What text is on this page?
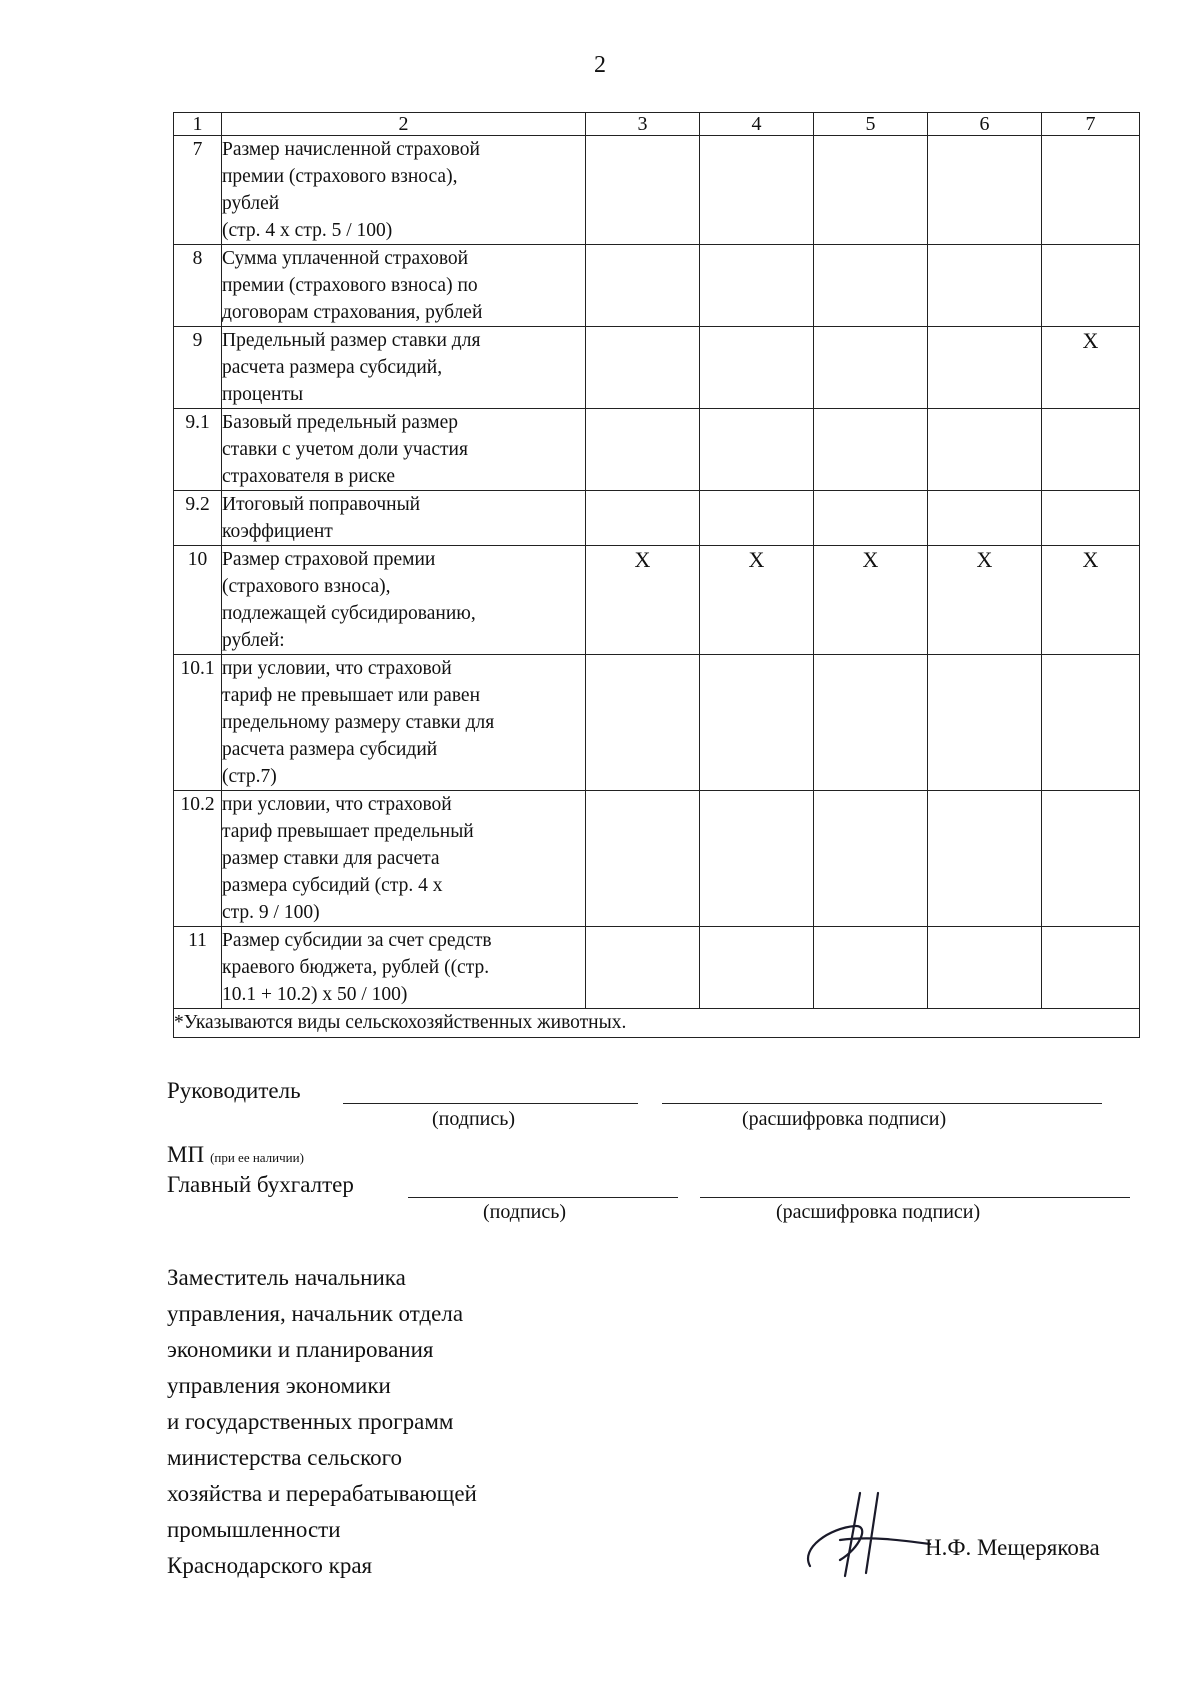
2
1	2	3	4	5	6	7
7	Размер начисленной страховой
премии (страхового взноса),
рублей
(стр. 4 х стр. 5 / 100)					

8	Сумма уплаченной страховой
премии (страхового взноса) по
договорам страхования, рублей					

9	Предельный размер ставки для
расчета размера субсидий,
проценты					Х
9.1	Базовый предельный размер
ставки с учетом доли участия
страхователя в риске					

9.2	Итоговый поправочный
коэффициент					

10	Размер страховой премии
(страхового взноса),
подлежащей субсидированию,
рублей:	Х	Х	Х	Х	Х
10.1	при условии, что страховой
тариф не превышает или равен
предельному размеру ставки для
расчета размера субсидий
(стр.7)					

10.2	при условии, что страховой
тариф превышает предельный
размер ставки для расчета
размера субсидий (стр. 4 х
стр. 9 / 100)					

11	Размер субсидии за счет средств
краевого бюджета, рублей ((стр.
10.1 + 10.2) х 50 / 100)					

*Указываются виды сельскохозяйственных животных.						
Руководитель
(подпись)	(расшифровка подписи)
МП (при ее наличии)
Главный бухгалтер
(подпись)	(расшифровка подписи)
Заместитель начальника
управления, начальник отдела
экономики и планирования
управления экономики
и государственных программ
министерства сельского
хозяйства и перерабатывающей
промышленности
Краснодарского края
Н.Ф. Мещерякова
